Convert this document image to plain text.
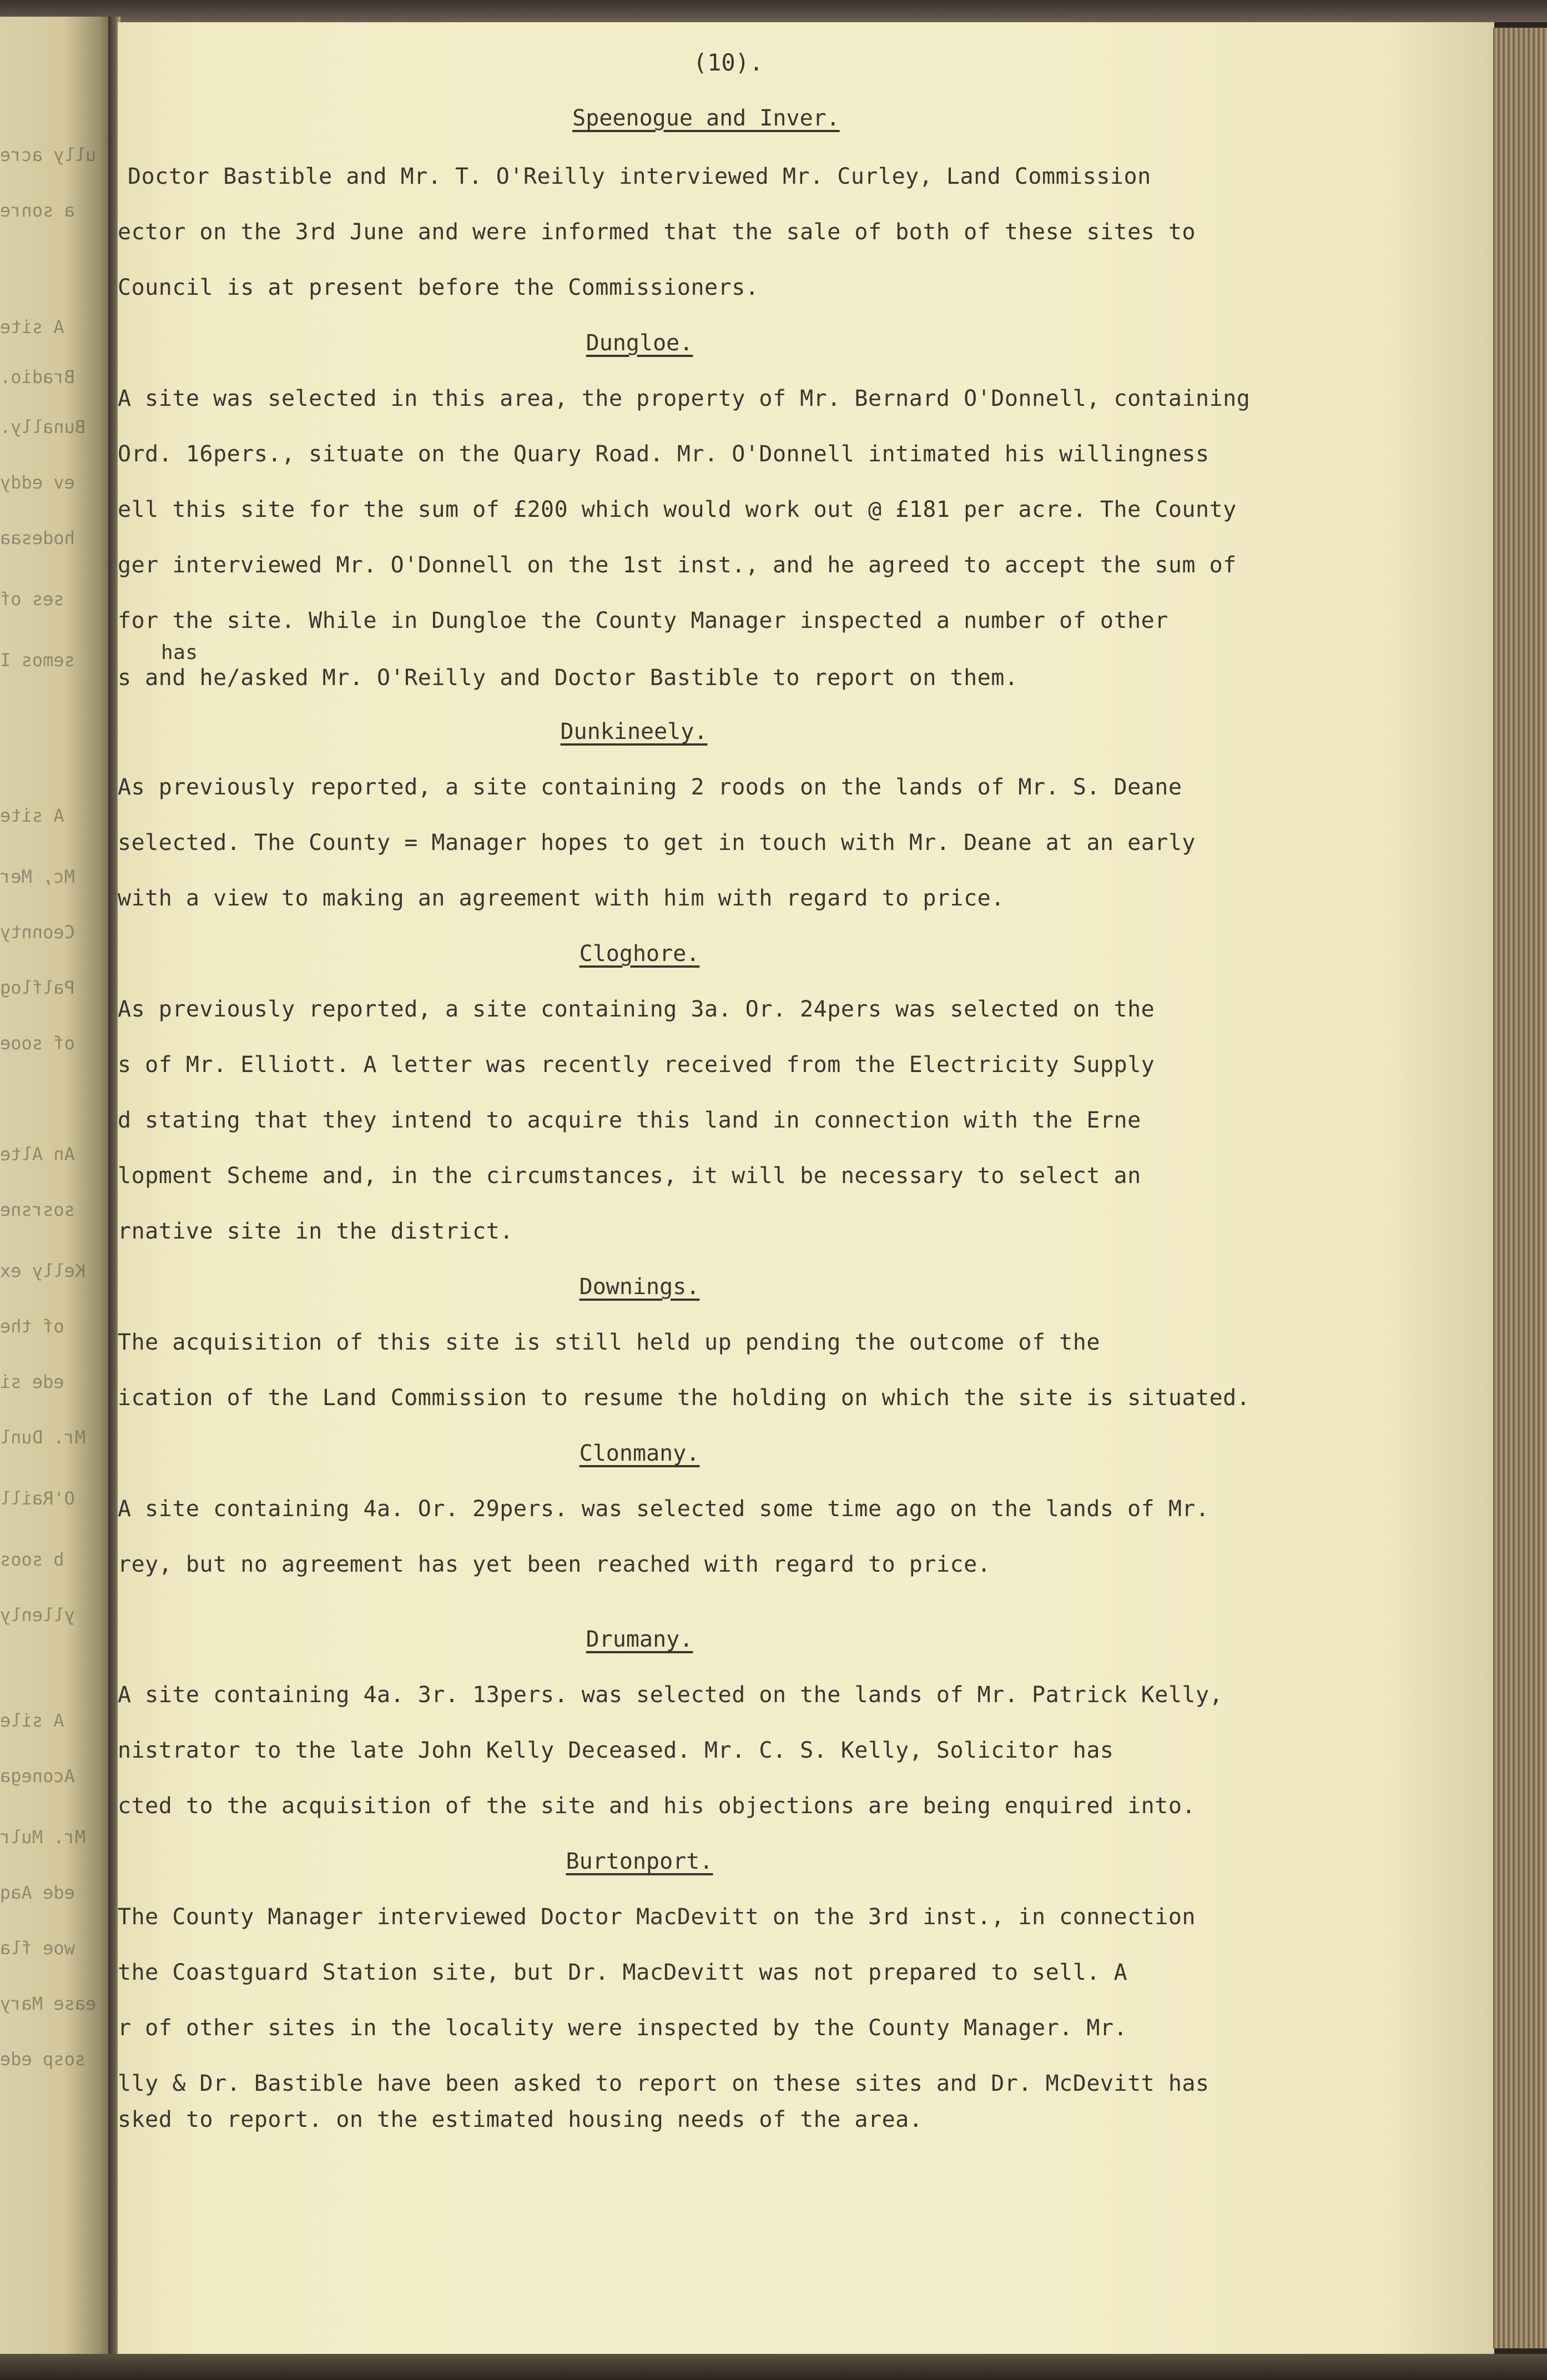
ully acre
a sonre
A site
Bradio.
Bunally.
ev eddy
hodesaa
ses of
semos I
A site
Mc, Mer
Ceonnty
Palflog
of sooe
An Alte
sosrsne
Kelly ex
of the
ede si
Mr. Dunl
O'Raill
b soos
yllenly
A sile
Aconega
Mr. Mulr
ede Aaq
woe fla
ease Mary
sosp ede
(10).
Speenogue and Inver.
Doctor Bastible and Mr. T. O'Reilly interviewed Mr. Curley, Land Commission
ector on the 3rd June and were informed that the sale of both of these sites to
Council is at present before the Commissioners.
Dungloe.
A site was selected in this area, the property of Mr. Bernard O'Donnell, containing
Ord. 16pers., situate on the Quary Road. Mr. O'Donnell intimated his willingness
ell this site for the sum of £200 which would work out @ £181 per acre. The County
ger interviewed Mr. O'Donnell on the 1st inst., and he agreed to accept the sum of
for the site. While in Dungloe the County Manager inspected a number of other
has
s and he/asked Mr. O'Reilly and Doctor Bastible to report on them.
Dunkineely.
As previously reported, a site containing 2 roods on the lands of Mr. S. Deane
selected. The County = Manager hopes to get in touch with Mr. Deane at an early
with a view to making an agreement with him with regard to price.
Cloghore.
As previously reported, a site containing 3a. Or. 24pers was selected on the
s of Mr. Elliott. A letter was recently received from the Electricity Supply
d stating that they intend to acquire this land in connection with the Erne
lopment Scheme and, in the circumstances, it will be necessary to select an
rnative site in the district.
Downings.
The acquisition of this site is still held up pending the outcome of the
ication of the Land Commission to resume the holding on which the site is situated.
Clonmany.
A site containing 4a. Or. 29pers. was selected some time ago on the lands of Mr.
rey, but no agreement has yet been reached with regard to price.
Drumany.
A site containing 4a. 3r. 13pers. was selected on the lands of Mr. Patrick Kelly,
nistrator to the late John Kelly Deceased. Mr. C. S. Kelly, Solicitor has
cted to the acquisition of the site and his objections are being enquired into.
Burtonport.
The County Manager interviewed Doctor MacDevitt on the 3rd inst., in connection
the Coastguard Station site, but Dr. MacDevitt was not prepared to sell. A
r of other sites in the locality were inspected by the County Manager. Mr.
lly & Dr. Bastible have been asked to report on these sites and Dr. McDevitt has
sked to report. on the estimated housing needs of the area.
